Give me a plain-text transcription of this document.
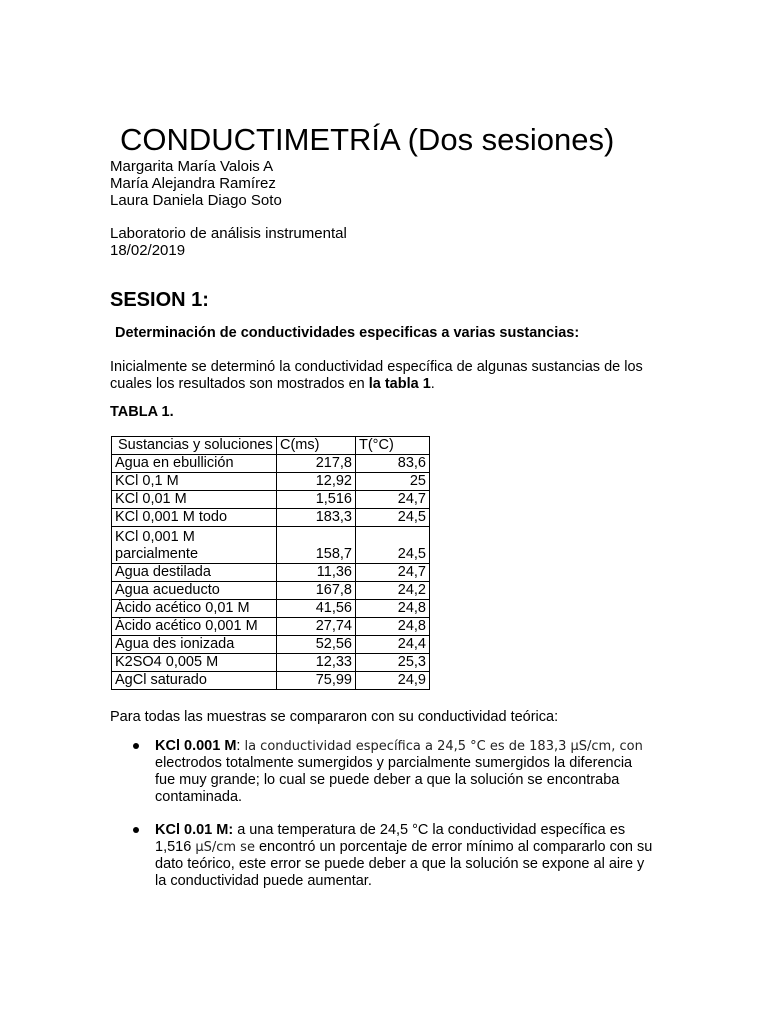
CONDUCTIMETRÍA (Dos sesiones)
Margarita María Valois A
María Alejandra Ramírez
Laura Daniela Diago Soto
Laboratorio de análisis instrumental
18/02/2019
SESION 1:
Determinación de conductividades especificas a varias sustancias:
Inicialmente se determinó la conductividad específica de algunas sustancias de los cuales los resultados son mostrados en la tabla 1.
TABLA 1.
Sustancias y soluciones	C(ms)	T(°C)
Agua en ebullición	217,8	83,6
KCl 0,1 M	12,92	25
KCl 0,01 M	1,516	24,7
KCl 0,001 M todo	183,3	24,5
KCl 0,001 M
parcialmente	158,7	24,5
Agua destilada	11,36	24,7
Agua acueducto	167,8	24,2
Ácido acético 0,01 M	41,56	24,8
Ácido acético 0,001 M	27,74	24,8
Agua des ionizada	52,56	24,4
K2SO4 0,005 M	12,33	25,3
AgCl saturado	75,99	24,9
Para todas las muestras se compararon con su conductividad teórica:
KCl 0.001 M: la conductividad específica a 24,5 °C es de 183,3 µS/cm, con electrodos totalmente sumergidos y parcialmente sumergidos la diferencia fue muy grande; lo cual se puede deber a que la solución se encontraba contaminada.
KCl 0.01 M: a una temperatura de 24,5 °C la conductividad específica es 1,516 µS/cm se encontró un porcentaje de error mínimo al compararlo con su dato teórico, este error se puede deber a que la solución se expone al aire y la conductividad puede aumentar.
